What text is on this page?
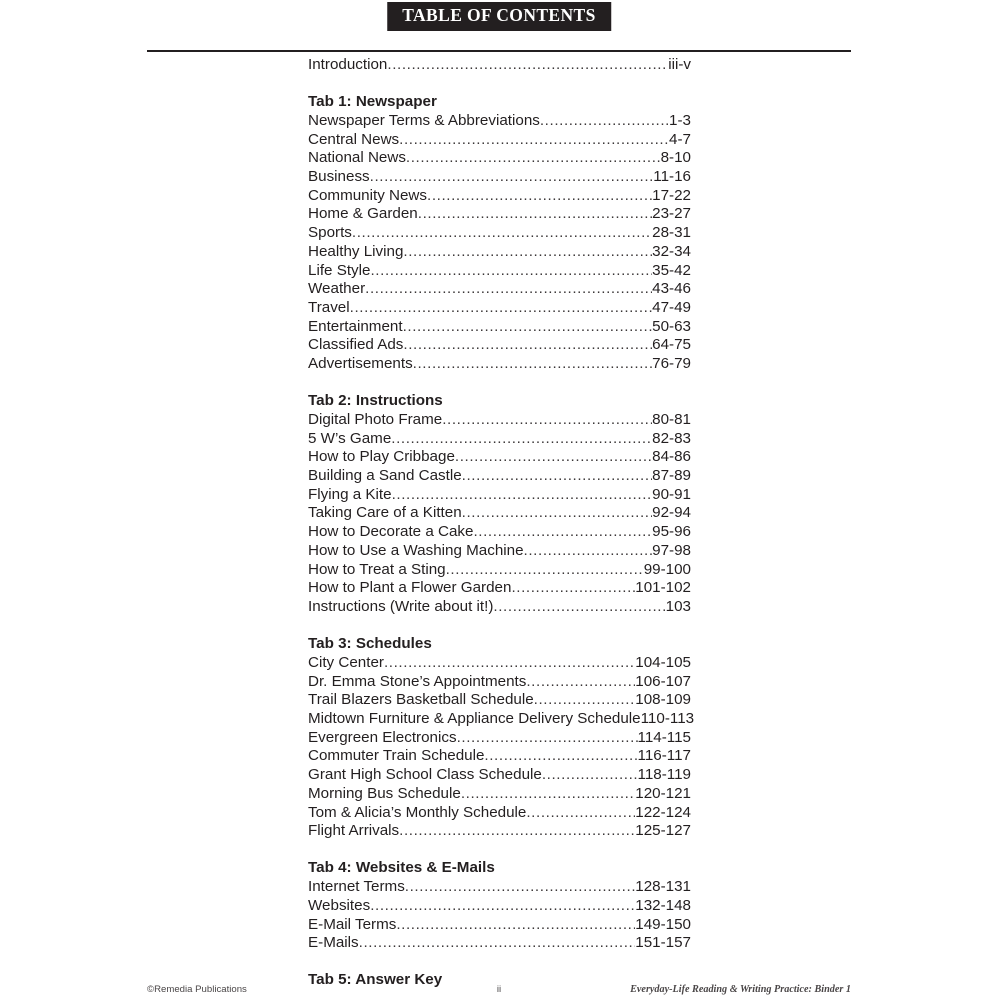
TABLE OF CONTENTS
Introduction .....	iii-v
Tab 1: Newspaper
Newspaper Terms & Abbreviations .....	1-3
Central News .....	4-7
National News .....	8-10
Business .....	11-16
Community News .....	17-22
Home & Garden .....	23-27
Sports .....	28-31
Healthy Living .....	32-34
Life Style .....	35-42
Weather .....	43-46
Travel .....	47-49
Entertainment .....	50-63
Classified Ads .....	64-75
Advertisements .....	76-79
Tab 2: Instructions
Digital Photo Frame .....	80-81
5 W’s Game .....	82-83
How to Play Cribbage .....	84-86
Building a Sand Castle .....	87-89
Flying a Kite .....	90-91
Taking Care of a Kitten .....	92-94
How to Decorate a Cake .....	95-96
How to Use a Washing Machine .....	97-98
How to Treat a Sting .....	99-100
How to Plant a Flower Garden .....	101-102
Instructions (Write about it!) .....	103
Tab 3: Schedules
City Center .....	104-105
Dr. Emma Stone’s Appointments .....	106-107
Trail Blazers Basketball Schedule .....	108-109
Midtown Furniture & Appliance Delivery Schedule 110-113
Evergreen Electronics .....	114-115
Commuter Train Schedule .....	116-117
Grant High School Class Schedule .....	118-119
Morning Bus Schedule .....	120-121
Tom & Alicia’s Monthly Schedule .....	122-124
Flight Arrivals .....	125-127
Tab 4: Websites & E-Mails
Internet Terms .....	128-131
Websites .....	132-148
E-Mail Terms .....	149-150
E-Mails .....	151-157
Tab 5: Answer Key
©Remedia Publications	ii	Everyday-Life Reading & Writing Practice: Binder 1
